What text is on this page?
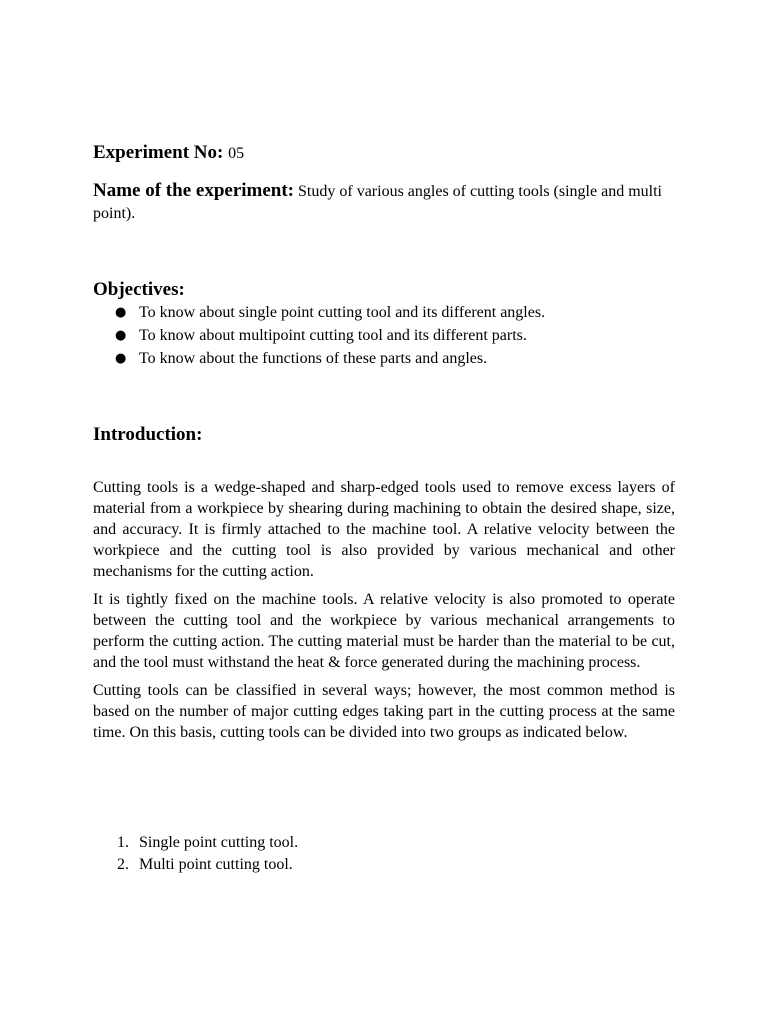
Experiment No: 05
Name of the experiment: Study of various angles of cutting tools (single and multi point).
Objectives:
● To know about single point cutting tool and its different angles.
● To know about multipoint cutting tool and its different parts.
● To know about the functions of these parts and angles.
Introduction:

Cutting tools is a wedge-shaped and sharp-edged tools used to remove excess layers of material from a workpiece by shearing during machining to obtain the desired shape, size, and accuracy. It is firmly attached to the machine tool. A relative velocity between the workpiece and the cutting tool is also provided by various mechanical and other mechanisms for the cutting action.

It is tightly fixed on the machine tools. A relative velocity is also promoted to operate between the cutting tool and the workpiece by various mechanical arrangements to perform the cutting action. The cutting material must be harder than the material to be cut, and the tool must withstand the heat & force generated during the machining process.

Cutting tools can be classified in several ways; however, the most common method is based on the number of major cutting edges taking part in the cutting process at the same time. On this basis, cutting tools can be divided into two groups as indicated below.

1. Single point cutting tool.
2. Multi point cutting tool.
